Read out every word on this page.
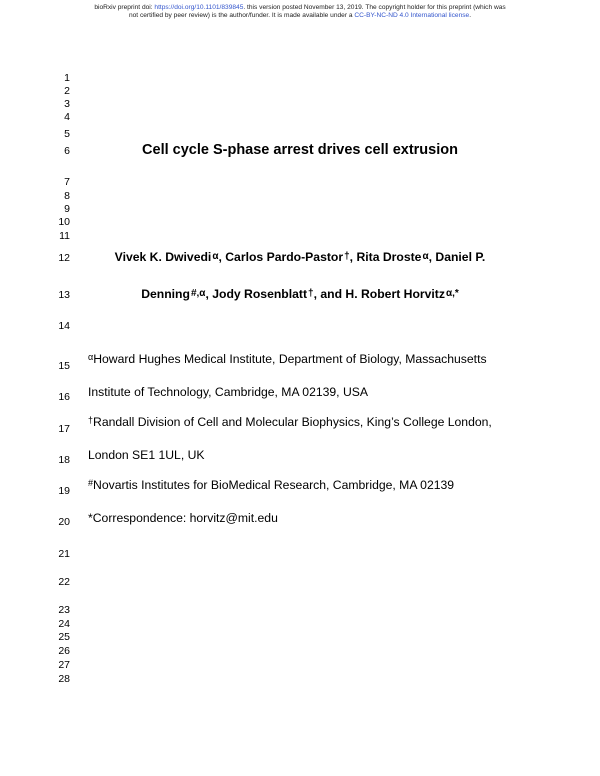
bioRxiv preprint doi: https://doi.org/10.1101/839845. this version posted November 13, 2019. The copyright holder for this preprint (which was
not certified by peer review) is the author/funder. It is made available under a CC-BY-NC-ND 4.0 International license.
1
2
3
4
5
6
7
8
9
10
11
12
13
14
15
16
17
18
19
20
21
22
23
24
25
26
27
28
Cell cycle S-phase arrest drives cell extrusion
Vivek K. Dwivedi$^\alpha$, Carlos Pardo-Pastor†, Rita Droste$^\alpha$, Daniel P.
Denning$^{\#,\alpha}$, Jody Rosenblatt†, and H. Robert Horvitz$^{\alpha,*}$
$^\alpha$Howard Hughes Medical Institute, Department of Biology, Massachusetts
Institute of Technology, Cambridge, MA 02139, USA
†Randall Division of Cell and Molecular Biophysics, King’s College London,
London SE1 1UL, UK
#Novartis Institutes for BioMedical Research, Cambridge, MA 02139
*Correspondence: horvitz@mit.edu
